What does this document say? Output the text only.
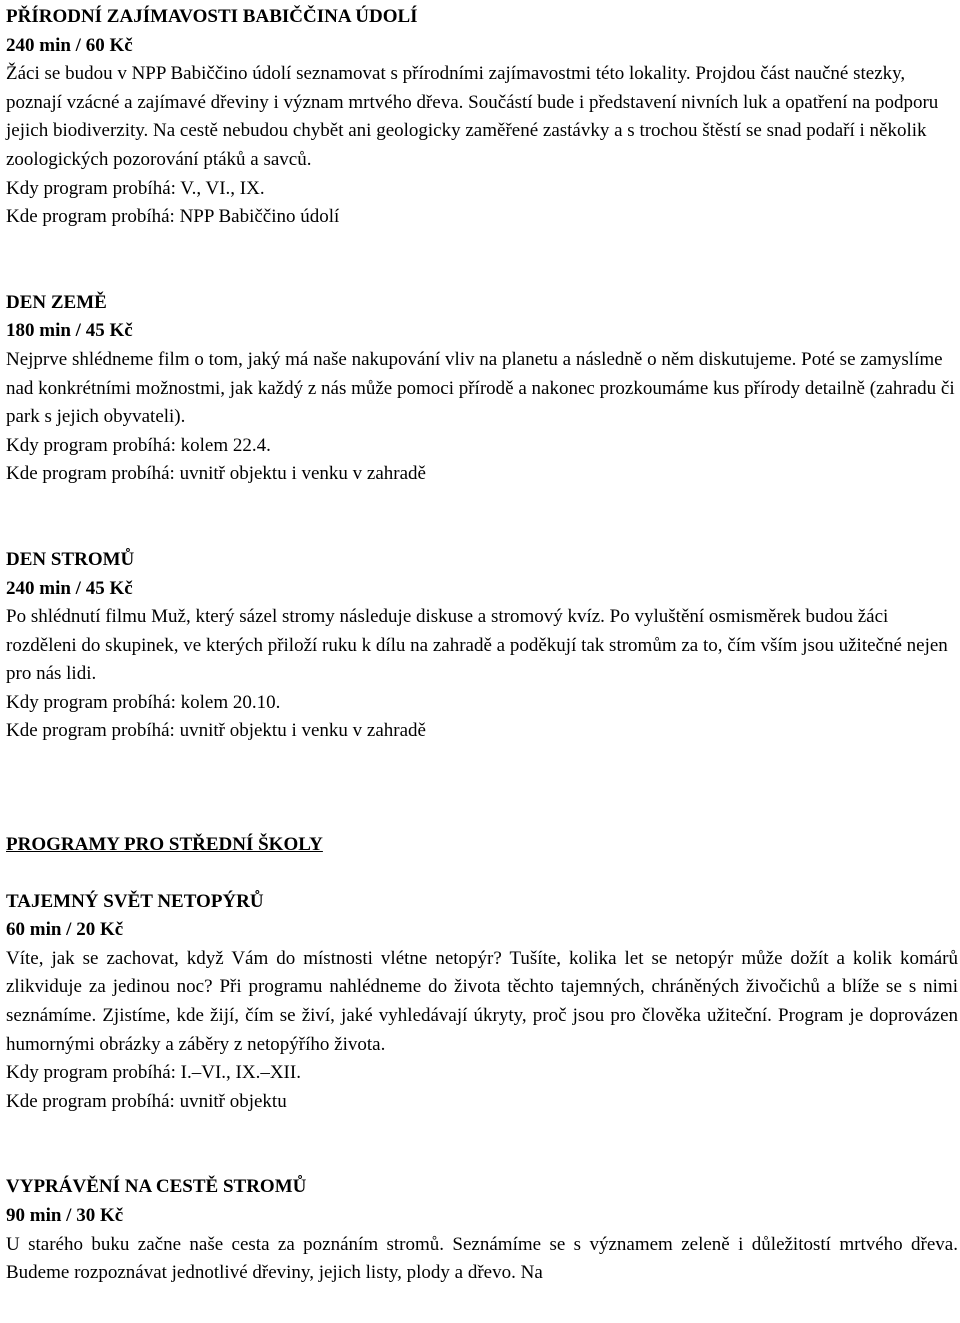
PŘÍRODNÍ ZAJÍMAVOSTI BABIČČINA ÚDOLÍ

240 min / 60 Kč

Žáci se budou v NPP Babiččino údolí seznamovat s přírodními zajímavostmi této lokality. Projdou část naučné stezky, poznají vzácné a zajímavé dřeviny i význam mrtvého dřeva. Součástí bude i představení nivních luk a opatření na podporu jejich biodiverzity. Na cestě nebudou chybět ani geologicky zaměřené zastávky a s trochou štěstí se snad podaří i několik zoologických pozorování ptáků a savců.

Kdy program probíhá: V., VI., IX.

Kde program probíhá: NPP Babiččino údolí

DEN ZEMĚ

180 min / 45 Kč

Nejprve shlédneme film o tom, jaký má naše nakupování vliv na planetu a následně o něm diskutujeme. Poté se zamyslíme nad konkrétními možnostmi, jak každý z nás může pomoci přírodě a nakonec prozkoumáme kus přírody detailně (zahradu či park s jejich obyvateli).

Kdy program probíhá: kolem 22.4.

Kde program probíhá: uvnitř objektu i venku v zahradě

DEN STROMŮ

240 min / 45 Kč

Po shlédnutí filmu Muž, který sázel stromy následuje diskuse a stromový kvíz. Po vyluštění osmisměrek budou žáci rozděleni do skupinek, ve kterých přiloží ruku k dílu na zahradě a poděkují tak stromům za to, čím vším jsou užitečné nejen pro nás lidi.

Kdy program probíhá: kolem 20.10.

Kde program probíhá: uvnitř objektu i venku v zahradě

PROGRAMY PRO STŘEDNÍ ŠKOLY

TAJEMNÝ SVĚT NETOPÝRŮ

60 min / 20 Kč

Víte, jak se zachovat, když Vám do místnosti vlétne netopýr? Tušíte, kolika let se netopýr může dožít a kolik komárů zlikviduje za jedinou noc? Při programu nahlédneme do života těchto tajemných, chráněných živočichů a blíže se s nimi seznámíme. Zjistíme, kde žijí, čím se živí, jaké vyhledávají úkryty, proč jsou pro člověka užiteční. Program je doprovázen humornými obrázky a záběry z netopýřího života.

Kdy program probíhá: I.–VI., IX.–XII.

Kde program probíhá: uvnitř objektu

VYPRÁVĚNÍ NA CESTĚ STROMŮ

90 min / 30 Kč

U starého buku začne naše cesta za poznáním stromů. Seznámíme se s významem zeleně i důležitostí mrtvého dřeva. Budeme rozpoznávat jednotlivé dřeviny, jejich listy, plody a dřevo. Na
